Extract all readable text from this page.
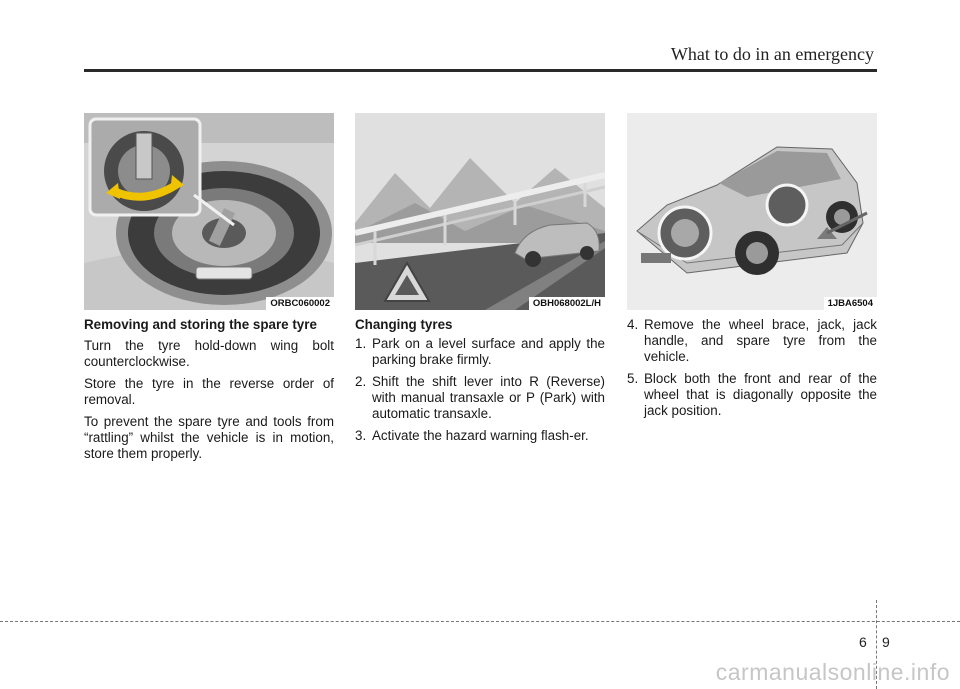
What to do in an emergency
ORBC060002	OBH068002L/H	1JBA6504
Removing and storing the spare tyre

Turn the tyre hold-down wing bolt counterclockwise.

Store the tyre in the reverse order of removal.

To prevent the spare tyre and tools from “rattling” whilst the vehicle is in motion, store them properly.

Changing tyres
1. Park on a level surface and apply the parking brake firmly.
2. Shift the shift lever into R (Reverse) with manual transaxle or P (Park) with automatic transaxle.
3. Activate the hazard warning flash-er.
4. Remove the wheel brace, jack, jack handle, and spare tyre from the vehicle.
5. Block both the front and rear of the wheel that is diagonally opposite the jack position.
6 9
carmanualsonline.info
